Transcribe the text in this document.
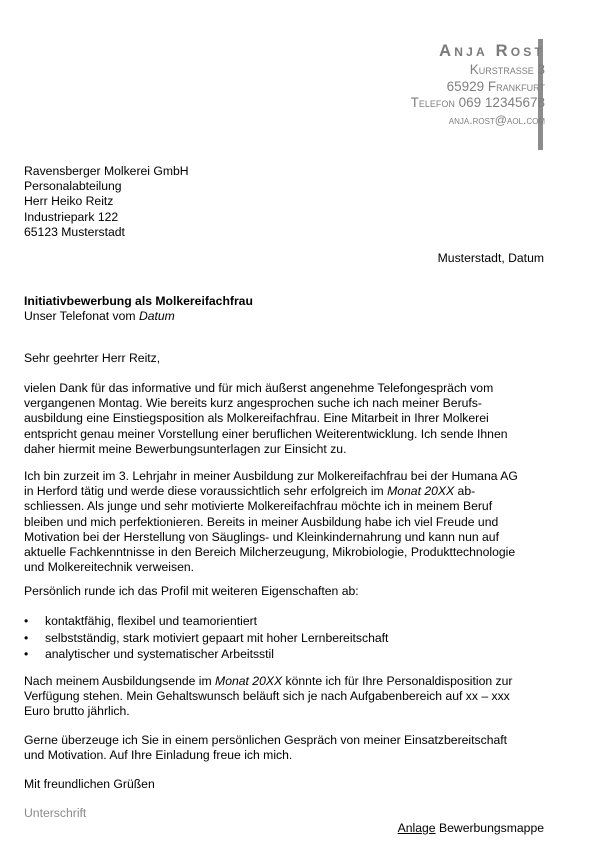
Anja Rost
Kurstrasse 3
65929 Frankfurt
Telefon 069 12345678
anja.rost@aol.com
Ravensberger Molkerei GmbH
Personalabteilung
Herr Heiko Reitz
Industriepark 122
65123 Musterstadt
Musterstadt, Datum
Initiativbewerbung als Molkereifachfrau
Unser Telefonat vom Datum
Sehr geehrter Herr Reitz,
vielen Dank für das informative und für mich äußerst angenehme Telefongespräch vom
vergangenen Montag. Wie bereits kurz angesprochen suche ich nach meiner Berufs-
ausbildung eine Einstiegsposition als Molkereifachfrau. Eine Mitarbeit in Ihrer Molkerei
entspricht genau meiner Vorstellung einer beruflichen Weiterentwicklung. Ich sende Ihnen
daher hiermit meine Bewerbungsunterlagen zur Einsicht zu.
Ich bin zurzeit im 3. Lehrjahr in meiner Ausbildung zur Molkereifachfrau bei der Humana AG
in Herford tätig und werde diese voraussichtlich sehr erfolgreich im Monat 20XX ab-
schliessen. Als junge und sehr motivierte Molkereifachfrau möchte ich in meinem Beruf
bleiben und mich perfektionieren. Bereits in meiner Ausbildung habe ich viel Freude und
Motivation bei der Herstellung von Säuglings- und Kleinkindernahrung und kann nun auf
aktuelle Fachkenntnisse in den Bereich Milcherzeugung, Mikrobiologie, Produkttechnologie
und Molkereitechnik verweisen.
Persönlich runde ich das Profil mit weiteren Eigenschaften ab:
• kontaktfähig, flexibel und teamorientiert
• selbstständig, stark motiviert gepaart mit hoher Lernbereitschaft
• analytischer und systematischer Arbeitsstil
Nach meinem Ausbildungsende im Monat 20XX könnte ich für Ihre Personaldisposition zur
Verfügung stehen. Mein Gehaltswunsch beläuft sich je nach Aufgabenbereich auf xx – xxx
Euro brutto jährlich.
Gerne überzeuge ich Sie in einem persönlichen Gespräch von meiner Einsatzbereitschaft
und Motivation. Auf Ihre Einladung freue ich mich.
Mit freundlichen Grüßen
Unterschrift
Anlage Bewerbungsmappe
